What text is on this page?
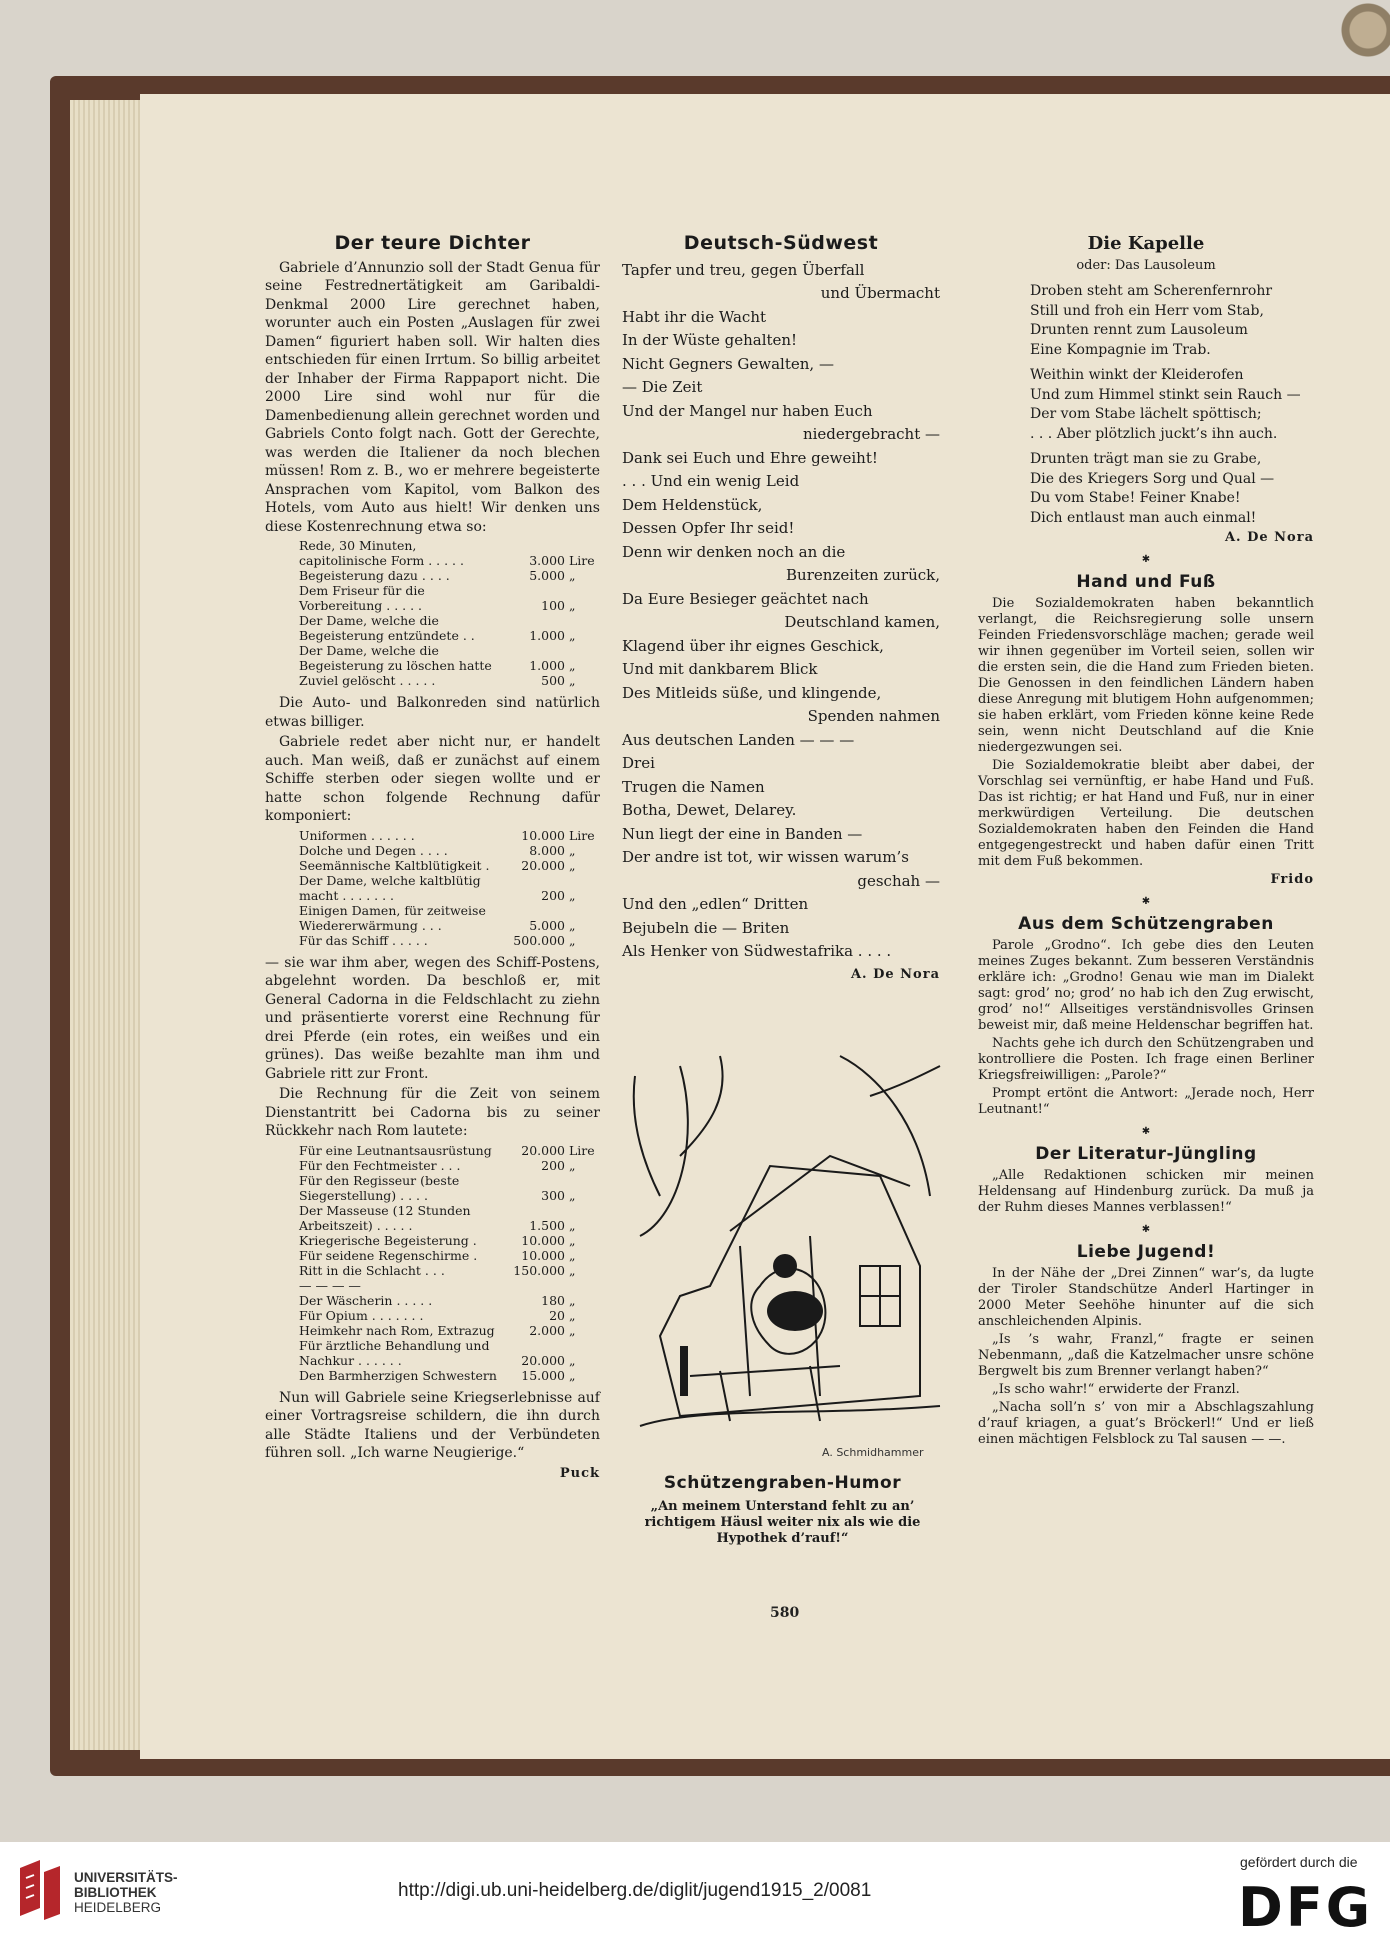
Der teure Dichter

Gabriele d’Annunzio soll der Stadt Genua für seine Festrednertätigkeit am Garibaldi-Denkmal 2000 Lire gerechnet haben, worunter auch ein Posten „Auslagen für zwei Damen“ figuriert haben soll. Wir halten dies entschieden für einen Irrtum. So billig arbeitet der Inhaber der Firma Rappaport nicht. Die 2000 Lire sind wohl nur für die Damenbedienung allein gerechnet worden und Gabriels Conto folgt nach. Gott der Gerechte, was werden die Italiener da noch blechen müssen! Rom z. B., wo er mehrere begeisterte Ansprachen vom Kapitol, vom Balkon des Hotels, vom Auto aus hielt! Wir denken uns diese Kostenrechnung etwa so:

Rede, 30 Minuten, capitolinische Form . . . . .	3.000	Lire
Begeisterung dazu . . . .	5.000	„
Dem Friseur für die Vorbereitung . . . . .	100	„
Der Dame, welche die Begeisterung entzündete . .	1.000	„
Der Dame, welche die Begeisterung zu löschen hatte	1.000	„
Zuviel gelöscht . . . . .	500	„

Die Auto- und Balkonreden sind natürlich etwas billiger.

Gabriele redet aber nicht nur, er handelt auch. Man weiß, daß er zunächst auf einem Schiffe sterben oder siegen wollte und er hatte schon folgende Rechnung dafür komponiert:

Uniformen . . . . . .	10.000	Lire
Dolche und Degen . . . .	8.000	„
Seemännische Kaltblütigkeit .	20.000	„
Der Dame, welche kaltblütig macht . . . . . . .	200	„
Einigen Damen, für zeitweise Wiedererwärmung . . .	5.000	„
Für das Schiff . . . . .	500.000	„

— sie war ihm aber, wegen des Schiff-Postens, abgelehnt worden. Da beschloß er, mit General Cadorna in die Feldschlacht zu ziehn und präsentierte vorerst eine Rechnung für drei Pferde (ein rotes, ein weißes und ein grünes). Das weiße bezahlte man ihm und Gabriele ritt zur Front.

Die Rechnung für die Zeit von seinem Dienstantritt bei Cadorna bis zu seiner Rückkehr nach Rom lautete:

Für eine Leutnantsausrüstung	20.000	Lire
Für den Fechtmeister . . .	200	„
Für den Regisseur (beste Siegerstellung) . . . .	300	„
Der Masseuse (12 Stunden Arbeitszeit) . . . . .	1.500	„
Kriegerische Begeisterung .	10.000	„
Für seidene Regenschirme .	10.000	„
Ritt in die Schlacht . . .	150.000	„
— — — —		
Der Wäscherin . . . . .	180	„
Für Opium . . . . . . .	20	„
Heimkehr nach Rom, Extrazug	2.000	„
Für ärztliche Behandlung und Nachkur . . . . . .	20.000	„
Den Barmherzigen Schwestern	15.000	„

Nun will Gabriele seine Kriegserlebnisse auf einer Vortragsreise schildern, die ihn durch alle Städte Italiens und der Verbündeten führen soll. „Ich warne Neugierige.“

Puck
Deutsch-Südwest
Tapfer und treu, gegen Überfall
und Übermacht
Habt ihr die Wacht
In der Wüste gehalten!
Nicht Gegners Gewalten, —
— Die Zeit
Und der Mangel nur haben Euch
niedergebracht —
Dank sei Euch und Ehre geweiht!
. . . Und ein wenig Leid
Dem Heldenstück,
Dessen Opfer Ihr seid!
Denn wir denken noch an die
Burenzeiten zurück,
Da Eure Besieger geächtet nach
Deutschland kamen,
Klagend über ihr eignes Geschick,
Und mit dankbarem Blick
Des Mitleids süße, und klingende,
Spenden nahmen
Aus deutschen Landen — — —
Drei
Trugen die Namen
Botha, Dewet, Delarey.
Nun liegt der eine in Banden —
Der andre ist tot, wir wissen warum’s
geschah —
Und den „edlen“ Dritten
Bejubeln die — Briten
Als Henker von Südwestafrika . . . .
A. De Nora
A. Schmidhammer
Schützengraben-Humor

„An meinem Unterstand fehlt zu an’ richtigem Häusl weiter nix als wie die Hypothek d’rauf!“

Die Kapelle
oder: Das Lausoleum
Droben steht am Scherenfernrohr
Still und froh ein Herr vom Stab,
Drunten rennt zum Lausoleum
Eine Kompagnie im Trab.
Weithin winkt der Kleiderofen
Und zum Himmel stinkt sein Rauch —
Der vom Stabe lächelt spöttisch;
. . . Aber plötzlich juckt’s ihn auch.
Drunten trägt man sie zu Grabe,
Die des Kriegers Sorg und Qual —
Du vom Stabe! Feiner Knabe!
Dich entlaust man auch einmal!
A. De Nora
✱
Hand und Fuß

Die Sozialdemokraten haben bekanntlich verlangt, die Reichsregierung solle unsern Feinden Friedensvorschläge machen; gerade weil wir ihnen gegenüber im Vorteil seien, sollen wir die ersten sein, die die Hand zum Frieden bieten. Die Genossen in den feindlichen Ländern haben diese Anregung mit blutigem Hohn aufgenommen; sie haben erklärt, vom Frieden könne keine Rede sein, wenn nicht Deutschland auf die Knie niedergezwungen sei.

Die Sozialdemokratie bleibt aber dabei, der Vorschlag sei vernünftig, er habe Hand und Fuß. Das ist richtig; er hat Hand und Fuß, nur in einer merkwürdigen Verteilung. Die deutschen Sozialdemokraten haben den Feinden die Hand entgegengestreckt und haben dafür einen Tritt mit dem Fuß bekommen.

Frido
✱
Aus dem Schützengraben

Parole „Grodno“. Ich gebe dies den Leuten meines Zuges bekannt. Zum besseren Verständnis erkläre ich: „Grodno! Genau wie man im Dialekt sagt: grod’ no; grod’ no hab ich den Zug erwischt, grod’ no!“ Allseitiges verständnisvolles Grinsen beweist mir, daß meine Heldenschar begriffen hat.

Nachts gehe ich durch den Schützengraben und kontrolliere die Posten. Ich frage einen Berliner Kriegsfreiwilligen: „Parole?“

Prompt ertönt die Antwort: „Jerade noch, Herr Leutnant!“

✱
Der Literatur-Jüngling

„Alle Redaktionen schicken mir meinen Heldensang auf Hindenburg zurück. Da muß ja der Ruhm dieses Mannes verblassen!“

✱
Liebe Jugend!

In der Nähe der „Drei Zinnen“ war’s, da lugte der Tiroler Standschütze Anderl Hartinger in 2000 Meter Seehöhe hinunter auf die sich anschleichenden Alpinis.

„Is ’s wahr, Franzl,“ fragte er seinen Nebenmann, „daß die Katzelmacher unsre schöne Bergwelt bis zum Brenner verlangt haben?“

„Is scho wahr!“ erwiderte der Franzl.

„Nacha soll’n s’ von mir a Abschlagszahlung d’rauf kriagen, a guat’s Bröckerl!“ Und er ließ einen mächtigen Felsblock zu Tal sausen — —.

580
UNIVERSITÄTS-
BIBLIOTHEK
HEIDELBERG
http://digi.ub.uni-heidelberg.de/diglit/jugend1915_2/0081
gefördert durch die
DFG
